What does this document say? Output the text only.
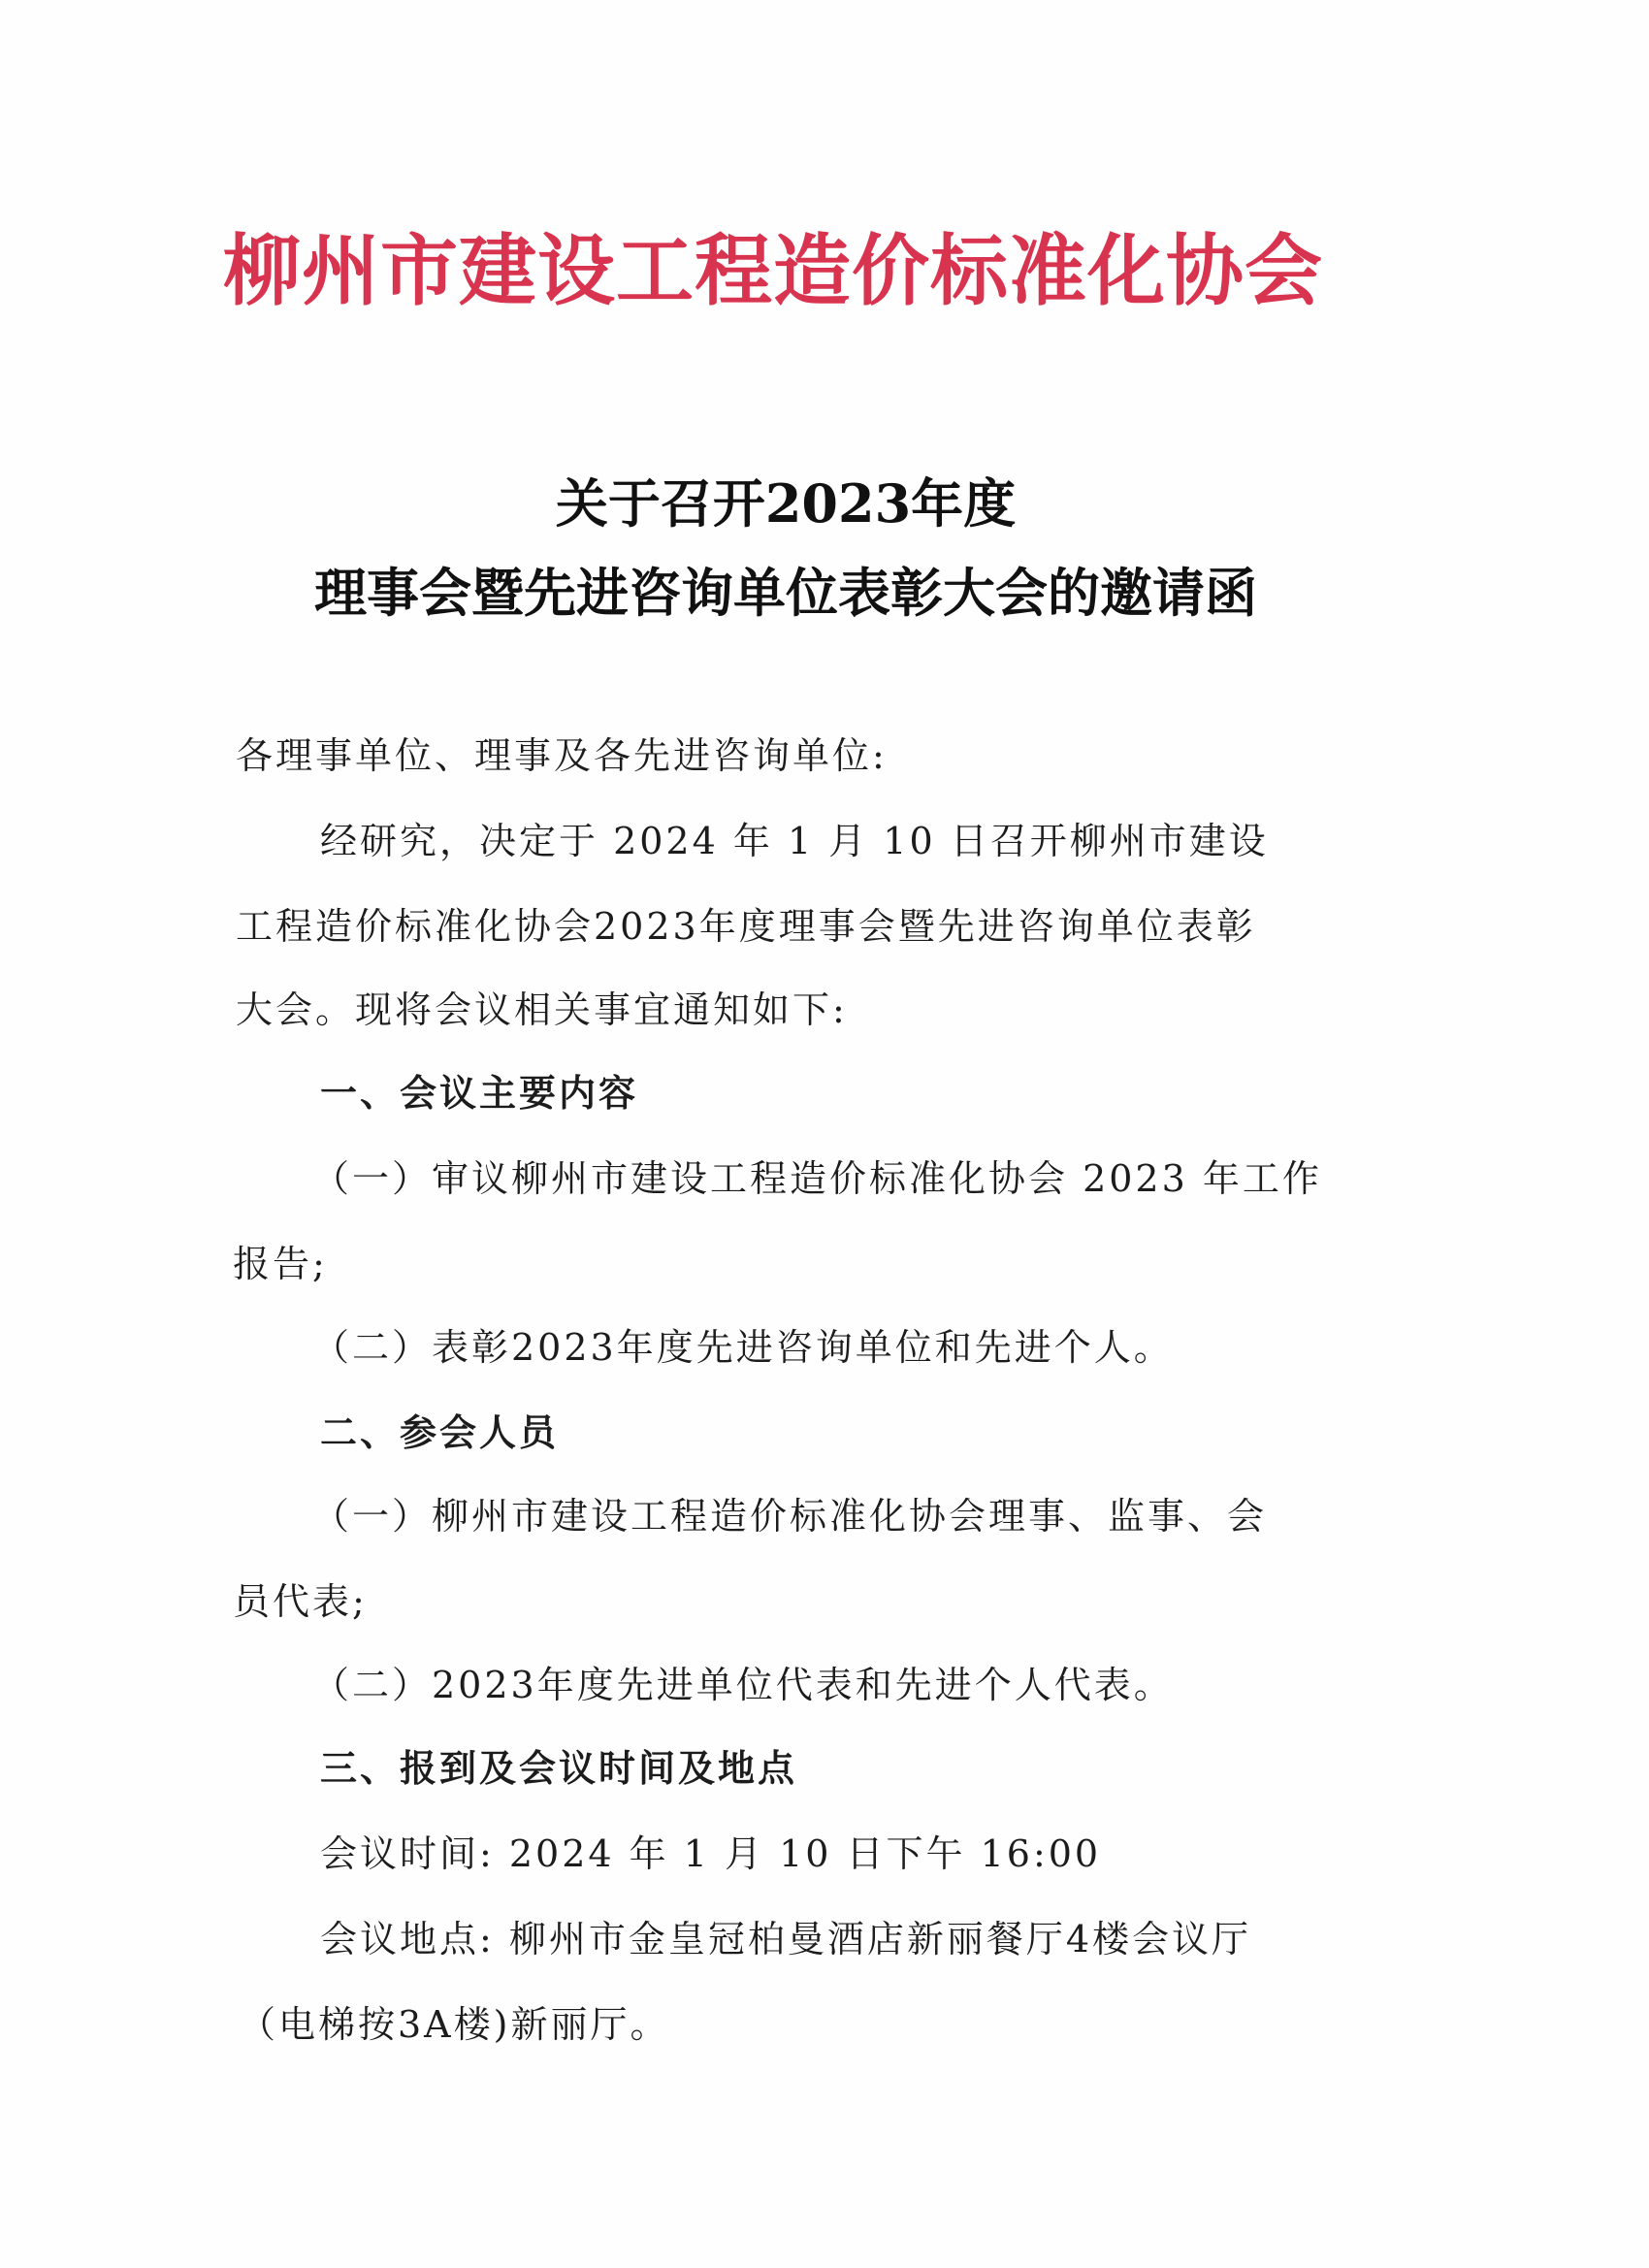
柳州市建设工程造价标准化协会
关于召开2023年度
理事会暨先进咨询单位表彰大会的邀请函
各理事单位、理事及各先进咨询单位:
经研究，决定于 2024 年 1 月 10 日召开柳州市建设
工程造价标准化协会2023年度理事会暨先进咨询单位表彰
大会。现将会议相关事宜通知如下:
一、会议主要内容
（一）审议柳州市建设工程造价标准化协会 2023 年工作
报告;
（二）表彰2023年度先进咨询单位和先进个人。
二、参会人员
（一）柳州市建设工程造价标准化协会理事、监事、会
员代表;
（二）2023年度先进单位代表和先进个人代表。
三、报到及会议时间及地点
会议时间: 2024 年 1 月 10 日下午 16:00
会议地点: 柳州市金皇冠柏曼酒店新丽餐厅4楼会议厅
（电梯按3A楼)新丽厅。
